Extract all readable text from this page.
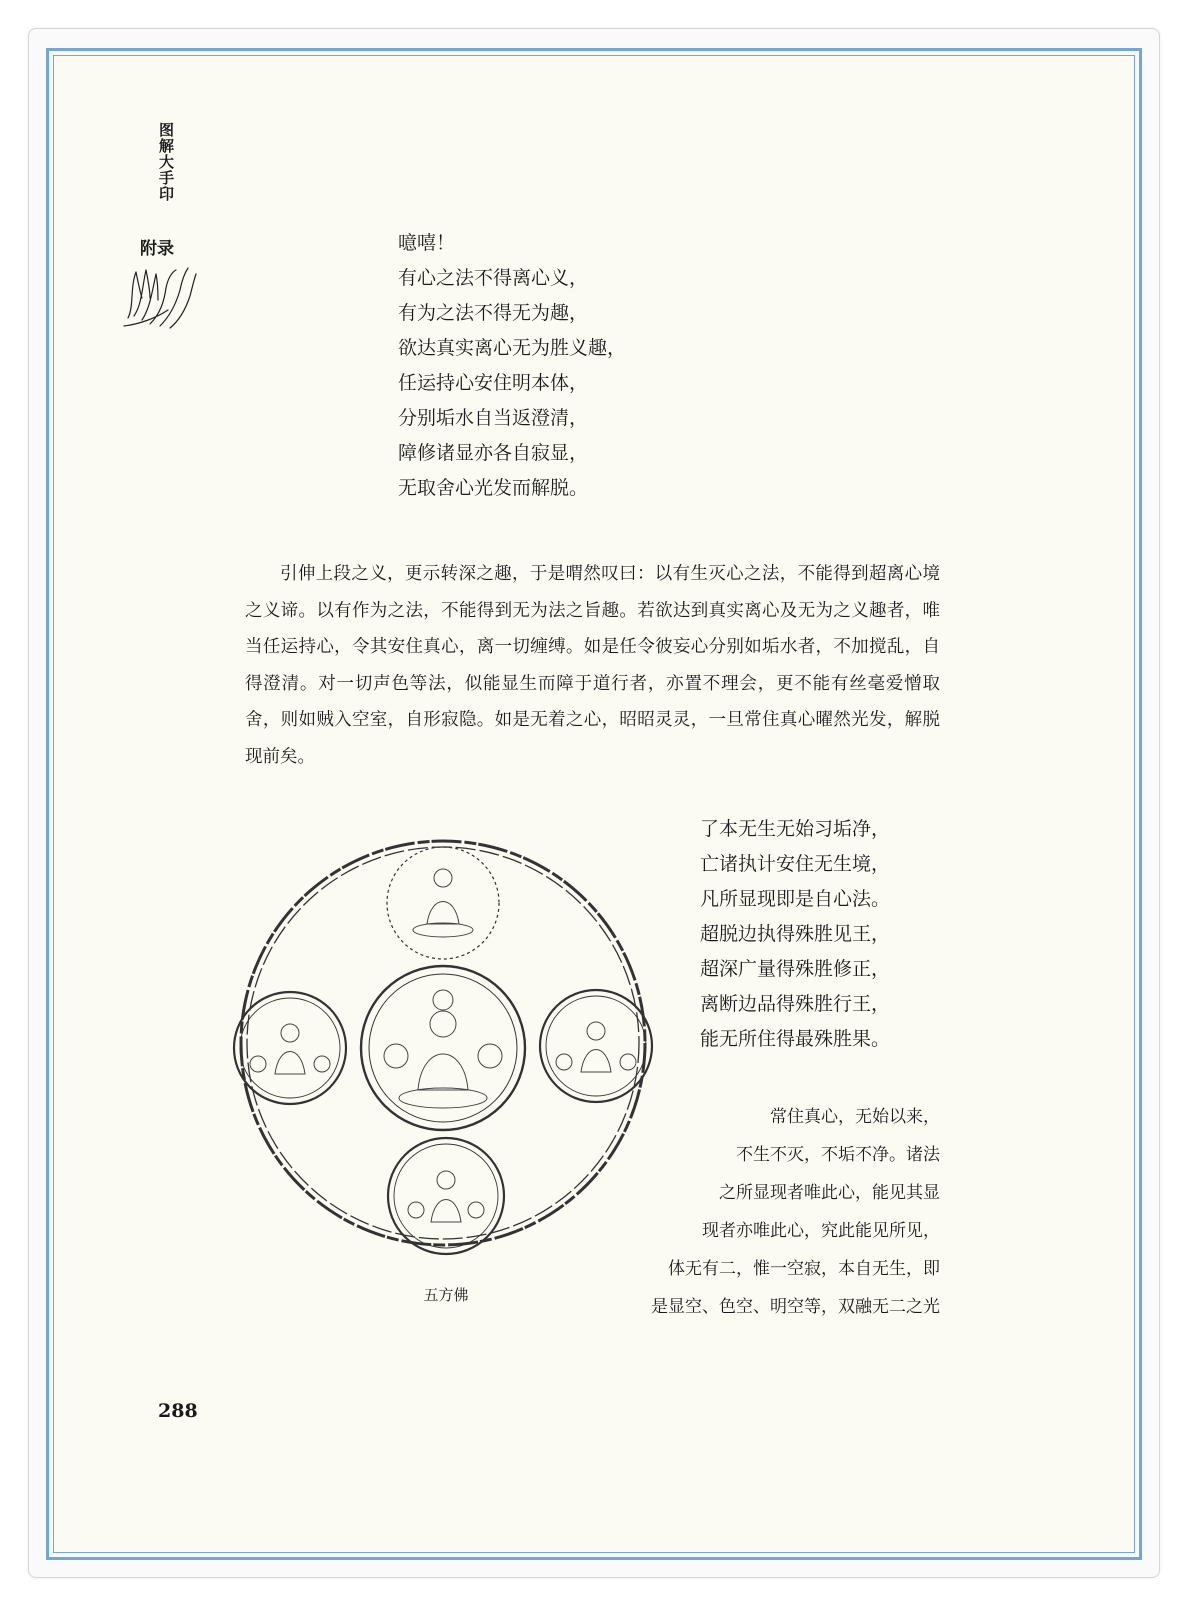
图解大手印
附录	噫嘻！
有心之法不得离心义，
有为之法不得无为趣，
欲达真实离心无为胜义趣，
任运持心安住明本体，
分别垢水自当返澄清，
障修诸显亦各自寂显，
无取舍心光发而解脱。

引伸上段之义，更示转深之趣，于是喟然叹曰：以有生灭心之法，不能得到超离心境之义谛。以有作为之法，不能得到无为法之旨趣。若欲达到真实离心及无为之义趣者，唯当任运持心，令其安住真心，离一切缠缚。如是任令彼妄心分别如垢水者，不加搅乱，自得澄清。对一切声色等法，似能显生而障于道行者，亦置不理会，更不能有丝毫爱憎取舍，则如贼入空室，自形寂隐。如是无着之心，昭昭灵灵，一旦常住真心曜然光发，解脱现前矣。

五方佛
了本无生无始习垢净，
亡诸执计安住无生境，
凡所显现即是自心法。
超脱边执得殊胜见王，
超深广量得殊胜修正，
离断边品得殊胜行王，
能无所住得最殊胜果。
常住真心，无始以来，
不生不灭，不垢不净。诸法
之所显现者唯此心，能见其显
现者亦唯此心，究此能见所见，
体无有二，惟一空寂，本自无生，即
是显空、色空、明空等，双融无二之光
288
